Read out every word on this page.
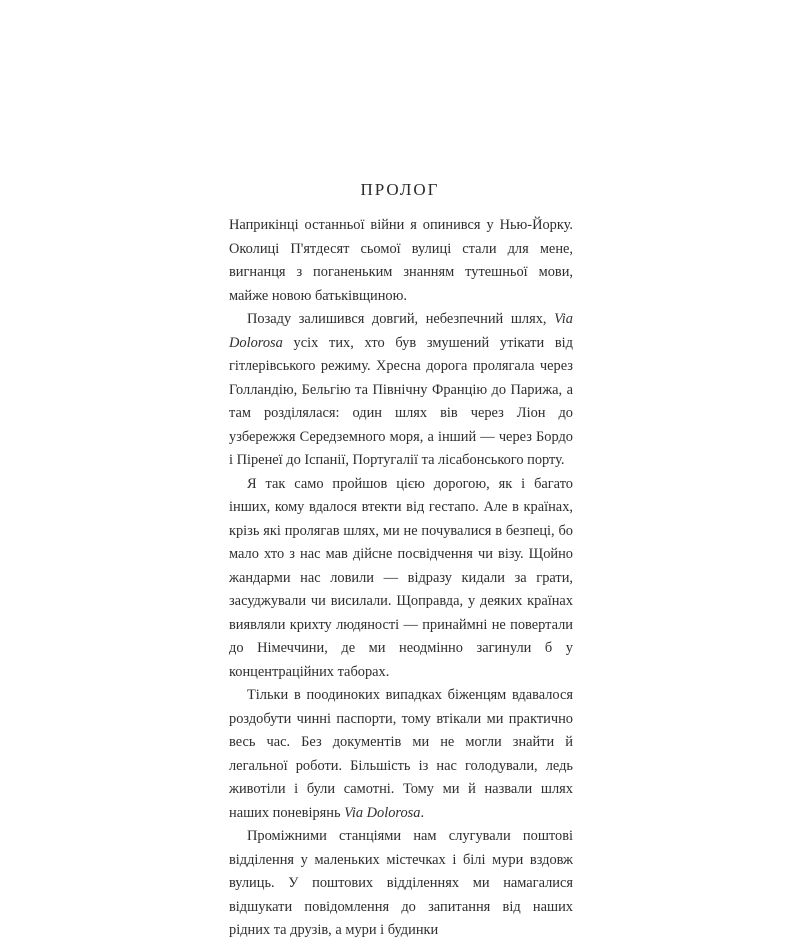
ПРОЛОГ

Наприкінці останньої війни я опинився у Нью-Йорку. Околиці П'ятдесят сьомої вулиці стали для мене, вигнанця з поганеньким знанням тутешньої мови, майже новою батьківщиною.

Позаду залишився довгий, небезпечний шлях, Via Dolorosa усіх тих, хто був змушений утікати від гітлерівського режиму. Хресна дорога пролягала через Голландію, Бельгію та Північну Францію до Парижа, а там розділялася: один шлях вів через Ліон до узбережжя Середземного моря, а інший — через Бордо і Піренеї до Іспанії, Португалії та лісабонського порту.

Я так само пройшов цією дорогою, як і багато інших, кому вдалося втекти від гестапо. Але в країнах, крізь які пролягав шлях, ми не почувалися в безпеці, бо мало хто з нас мав дійсне посвідчення чи візу. Щойно жандарми нас ловили — відразу кидали за грати, засуджували чи висилали. Щоправда, у деяких країнах виявляли крихту людяності — принаймні не повертали до Німеччини, де ми неодмінно загинули б у концентраційних таборах.

Тільки в поодиноких випадках біженцям вдавалося роздобути чинні паспорти, тому втікали ми практично весь час. Без документів ми не могли знайти й легальної роботи. Більшість із нас голодували, ледь животіли і були самотні. Тому ми й назвали шлях наших поневірянь Via Dolorosa.

Проміжними станціями нам слугували поштові відділення у маленьких містечках і білі мури вздовж вулиць. У поштових відділеннях ми намагалися відшукати повідомлення до запитання від наших рідних та друзів, а мури і будинки
